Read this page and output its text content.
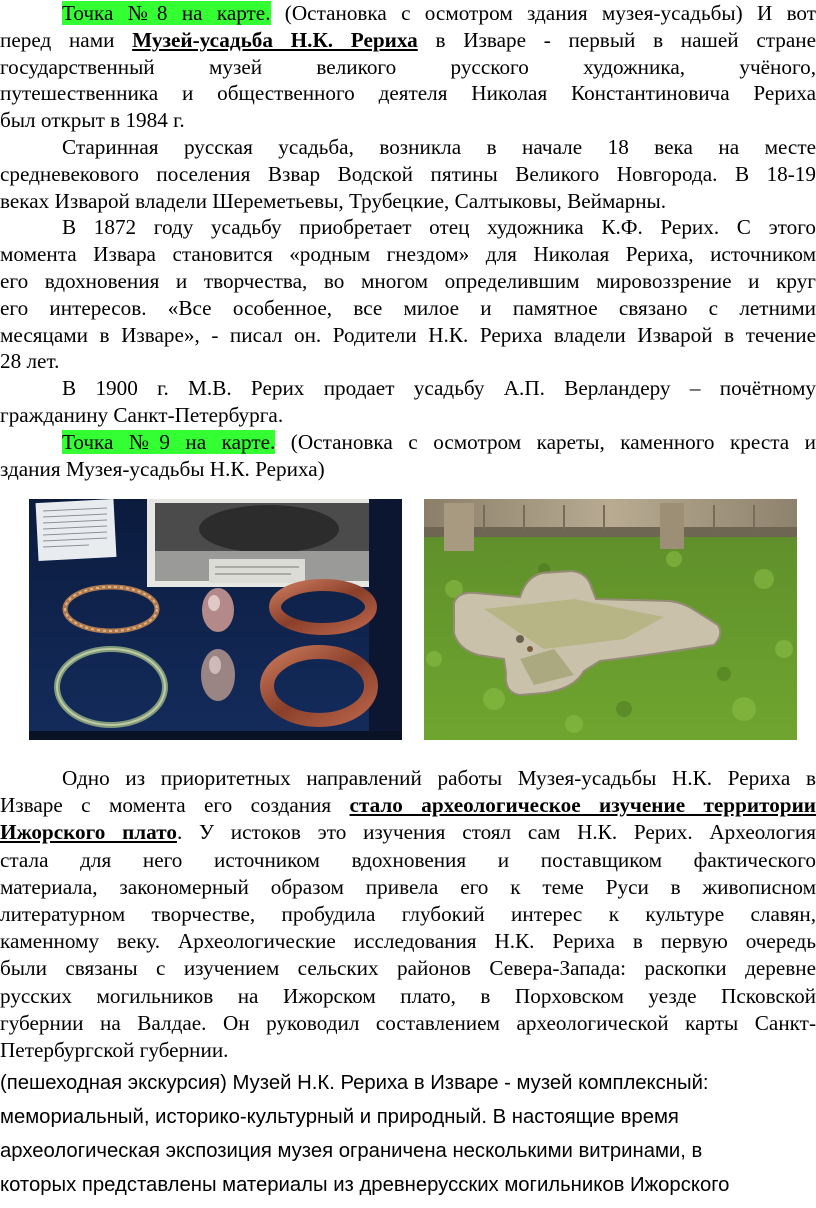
Точка №8 на карте. (Остановка с осмотром здания музея-усадьбы) И вот
перед нами Музей-усадьба Н.К. Рериха в Изваре - первый в нашей стране
государственный музей великого русского художника, учёного,
путешественника и общественного деятеля Николая Константиновича Рериха
был открыт в 1984 г.
Старинная русская усадьба, возникла в начале 18 века на месте
средневекового поселения Взвар Водской пятины Великого Новгорода. В 18-19
веках Изварой владели Шереметьевы, Трубецкие, Салтыковы, Веймарны.
В 1872 году усадьбу приобретает отец художника К.Ф. Рерих. С этого
момента Извара становится «родным гнездом» для Николая Рериха, источником
его вдохновения и творчества, во многом определившим мировоззрение и круг
его интересов. «Все особенное, все милое и памятное связано с летними
месяцами в Изваре», - писал он. Родители Н.К. Рериха владели Изварой в течение
28 лет.
В 1900 г. М.В. Рерих продает усадьбу А.П. Верландеру – почётному
гражданину Санкт-Петербурга.
Точка №9 на карте. (Остановка с осмотром кареты, каменного креста и
здания Музея-усадьбы Н.К. Рериха)
Одно из приоритетных направлений работы Музея-усадьбы Н.К. Рериха в
Изваре с момента его создания стало археологическое изучение территории
Ижорского плато. У истоков это изучения стоял сам Н.К. Рерих. Археология
стала для него источником вдохновения и поставщиком фактического
материала, закономерный образом привела его к теме Руси в живописном
литературном творчестве, пробудила глубокий интерес к культуре славян,
каменному веку. Археологические исследования Н.К. Рериха в первую очередь
были связаны с изучением сельских районов Севера-Запада: раскопки деревне
русских могильников на Ижорском плато, в Порховском уезде Псковской
губернии на Валдае. Он руководил составлением археологической карты Санкт-
Петербургской губернии.
(пешеходная экскурсия) Музей Н.К. Рериха в Изваре - музей комплексный:
мемориальный, историко-культурный и природный. В настоящие время
археологическая экспозиция музея ограничена несколькими витринами, в
которых представлены материалы из древнерусских могильников Ижорского
